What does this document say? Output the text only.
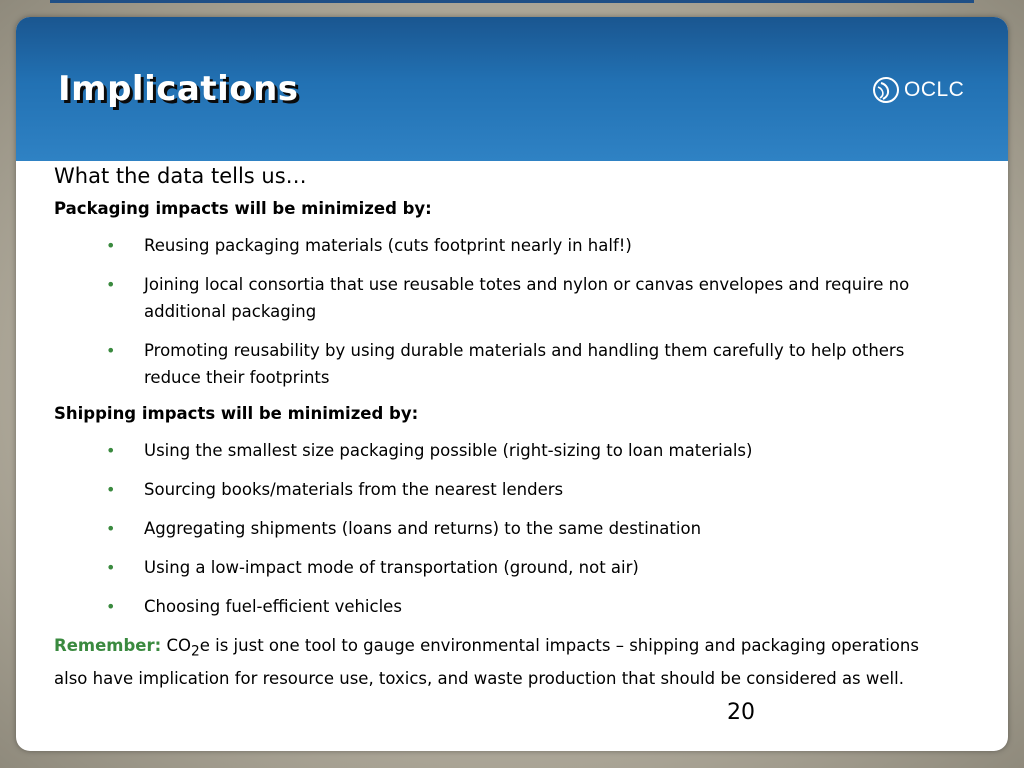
Implications	OCLC

What the data tells us…

Packaging impacts will be minimized by:

• Reusing packaging materials (cuts footprint nearly in half!)
• Joining local consortia that use reusable totes and nylon or canvas envelopes and require no additional packaging
• Promoting reusability by using durable materials and handling them carefully to help others reduce their footprints

Shipping impacts will be minimized by:

• Using the smallest size packaging possible (right-sizing to loan materials)
• Sourcing books/materials from the nearest lenders
• Aggregating shipments (loans and returns) to the same destination
• Using a low-impact mode of transportation (ground, not air)
• Choosing fuel-efficient vehicles

Remember: $CO_2e$ is just one tool to gauge environmental impacts – shipping and packaging operations also have implication for resource use, toxics, and waste production that should be considered as well.

20
